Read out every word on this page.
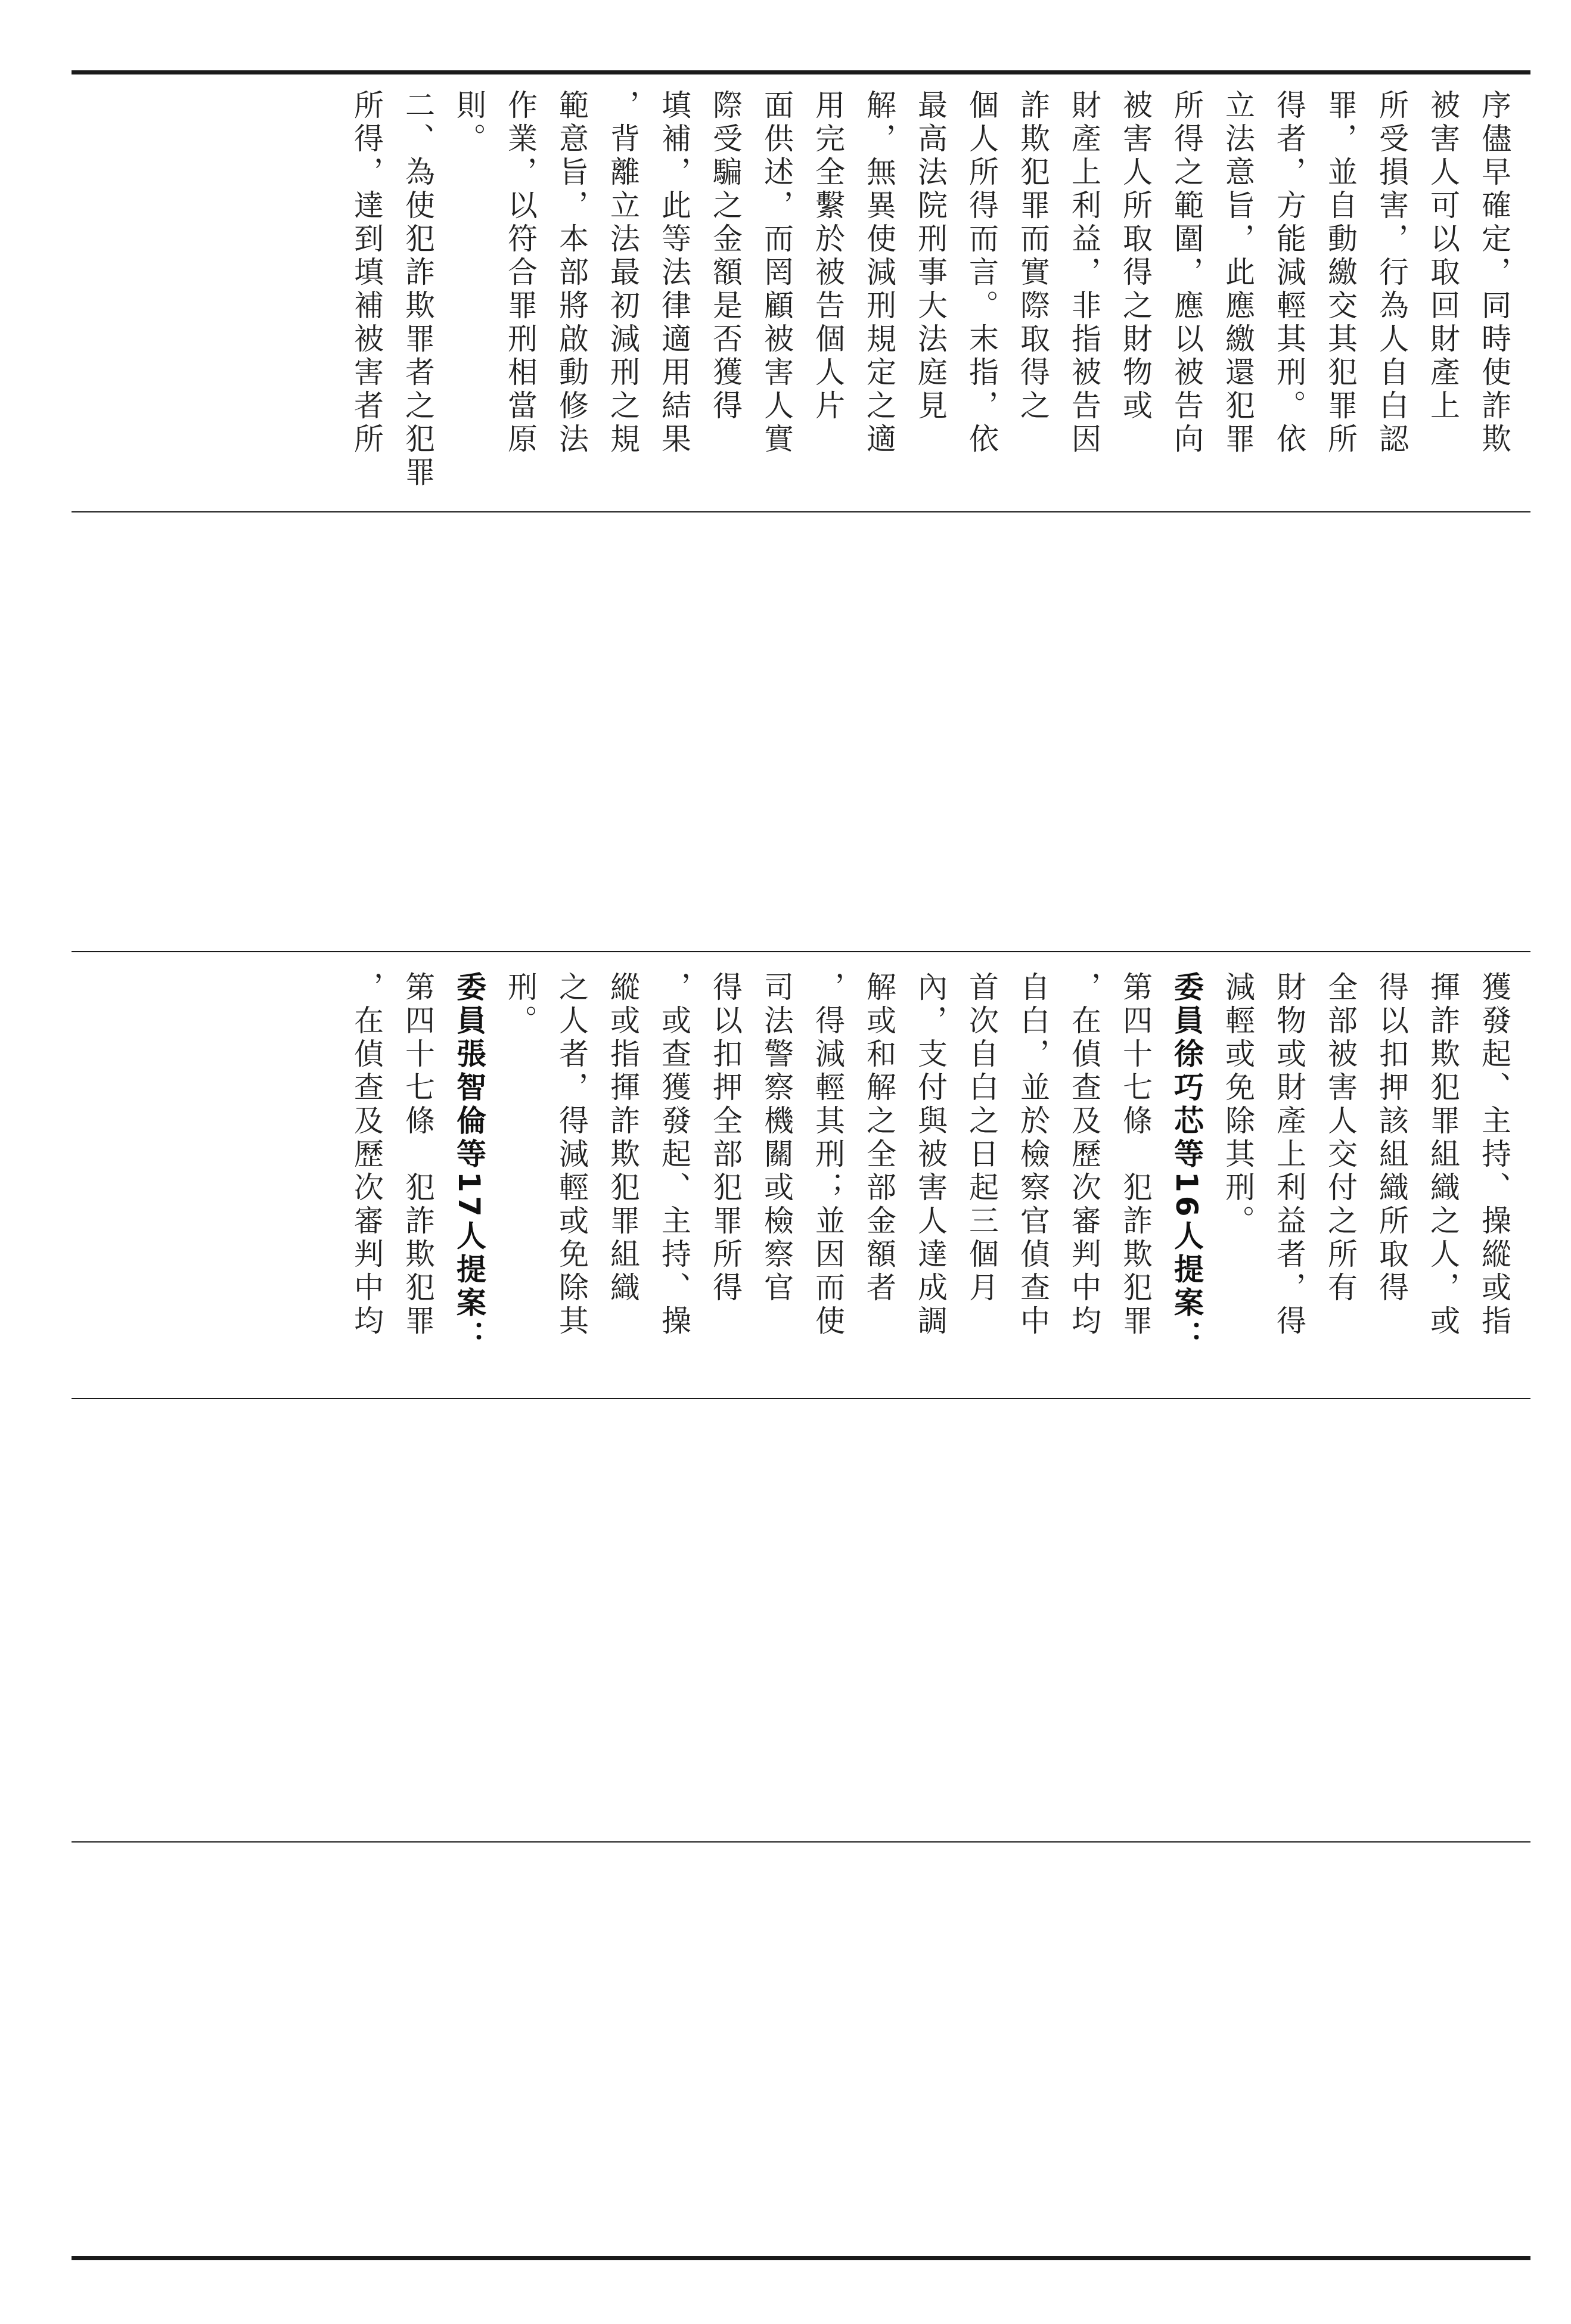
序儘早確定，同時使詐欺
被害人可以取回財產上
所受損害，行為人自白認
罪，並自動繳交其犯罪所
得者，方能減輕其刑。依
立法意旨，此應繳還犯罪
所得之範圍，應以被告向
被害人所取得之財物或
財產上利益，非指被告因
詐欺犯罪而實際取得之
個人所得而言。末指，依
最高法院刑事大法庭見
解，無異使減刑規定之適
用完全繫於被告個人片
面供述，而罔顧被害人實
際受騙之金額是否獲得
填補，此等法律適用結果
，背離立法最初減刑之規
範意旨，本部將啟動修法
作業，以符合罪刑相當原
則。
二、為使犯詐欺罪者之犯罪
所得，達到填補被害者所
獲發起、主持、操縱或指
揮詐欺犯罪組織之人，或
得以扣押該組織所取得
全部被害人交付之所有
財物或財產上利益者，得
減輕或免除其刑。
委員徐巧芯等16人提案：
第四十七條　犯詐欺犯罪
，在偵查及歷次審判中均
自白，並於檢察官偵查中
首次自白之日起三個月
內，支付與被害人達成調
解或和解之全部金額者
，得減輕其刑；並因而使
司法警察機關或檢察官
得以扣押全部犯罪所得
，或查獲發起、主持、操
縱或指揮詐欺犯罪組織
之人者，得減輕或免除其
刑。
委員張智倫等17人提案：
第四十七條　犯詐欺犯罪
，在偵查及歷次審判中均
